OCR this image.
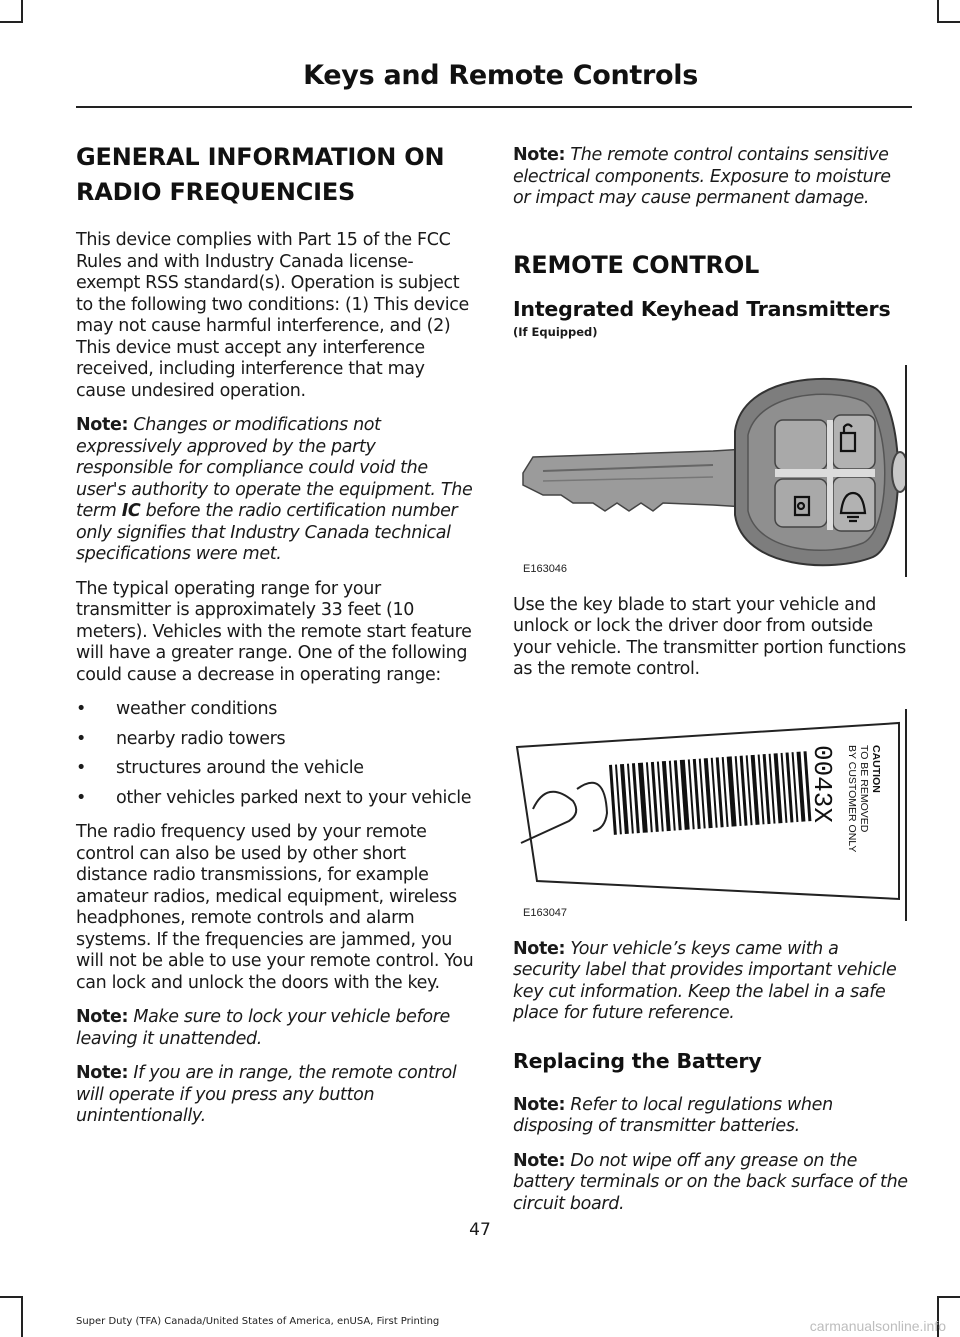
Keys and Remote Controls
GENERAL INFORMATION ON
RADIO FREQUENCIES

This device complies with Part 15 of the FCC Rules and with Industry Canada license-exempt RSS standard(s). Operation is subject to the following two conditions: (1) This device may not cause harmful interference, and (2) This device must accept any interference received, including interference that may cause undesired operation.

Note: Changes or modifications not expressively approved by the party responsible for compliance could void the user's authority to operate the equipment. The term IC before the radio certification number only signifies that Industry Canada technical specifications were met.

The typical operating range for your transmitter is approximately 33 feet (10 meters). Vehicles with the remote start feature will have a greater range. One of the following could cause a decrease in operating range:

• weather conditions
• nearby radio towers
• structures around the vehicle
• other vehicles parked next to your vehicle

The radio frequency used by your remote control can also be used by other short distance radio transmissions, for example amateur radios, medical equipment, wireless headphones, remote controls and alarm systems. If the frequencies are jammed, you will not be able to use your remote control. You can lock and unlock the doors with the key.

Note: Make sure to lock your vehicle before leaving it unattended.

Note: If you are in range, the remote control will operate if you press any button unintentionally.

Note: The remote control contains sensitive electrical components. Exposure to moisture or impact may cause permanent damage.

REMOTE CONTROL
Integrated Keyhead Transmitters
(If Equipped)
E163046

Use the key blade to start your vehicle and unlock or lock the driver door from outside your vehicle. The transmitter portion functions as the remote control.

0043X BY CUSTOMER ONLY TO BE REMOVED CAUTION
E163047

Note: Your vehicle’s keys came with a security label that provides important vehicle key cut information. Keep the label in a safe place for future reference.

Replacing the Battery

Note: Refer to local regulations when disposing of transmitter batteries.

Note: Do not wipe off any grease on the battery terminals or on the back surface of the circuit board.

47
Super Duty (TFA) Canada/United States of America, enUSA, First Printing	carmanualsonline.info
